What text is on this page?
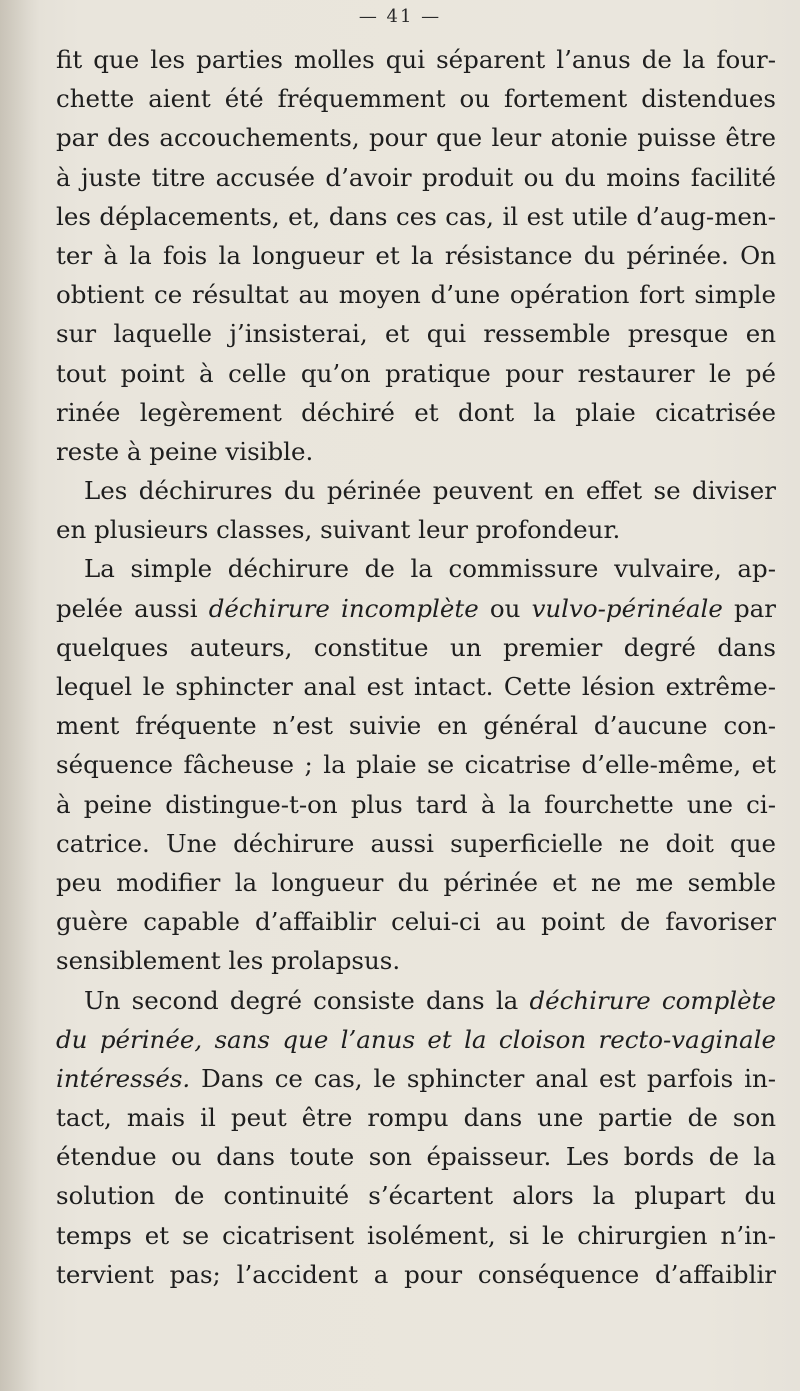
— 41 —
fit que les parties molles qui séparent l’anus de la four-
chette aient été fréquemment ou fortement distendues
par des accouchements, pour que leur atonie puisse être
à juste titre accusée d’avoir produit ou du moins facilité
les déplacements, et, dans ces cas, il est utile d’aug-men-
ter à la fois la longueur et la résistance du périnée. On
obtient ce résultat au moyen d’une opération fort simple
sur laquelle j’insisterai, et qui ressemble presque en
tout point à celle qu’on pratique pour restaurer le pé
rinée legèrement déchiré et dont la plaie cicatrisée
reste à peine visible.
Les déchirures du périnée peuvent en effet se diviser
en plusieurs classes, suivant leur profondeur.
La simple déchirure de la commissure vulvaire, ap-
pelée aussi déchirure incomplète ou vulvo-périnéale par
quelques auteurs, constitue un premier degré dans
lequel le sphincter anal est intact. Cette lésion extrême-
ment fréquente n’est suivie en général d’aucune con-
séquence fâcheuse ; la plaie se cicatrise d’elle-même, et
à peine distingue-t-on plus tard à la fourchette une ci-
catrice. Une déchirure aussi superficielle ne doit que
peu modifier la longueur du périnée et ne me semble
guère capable d’affaiblir celui-ci au point de favoriser
sensiblement les prolapsus.
Un second degré consiste dans la déchirure complète
du périnée, sans que l’anus et la cloison recto-vaginale
intéressés. Dans ce cas, le sphincter anal est parfois in-
tact, mais il peut être rompu dans une partie de son
étendue ou dans toute son épaisseur. Les bords de la
solution de continuité s’écartent alors la plupart du
temps et se cicatrisent isolément, si le chirurgien n’in-
tervient pas; l’accident a pour conséquence d’affaiblir
